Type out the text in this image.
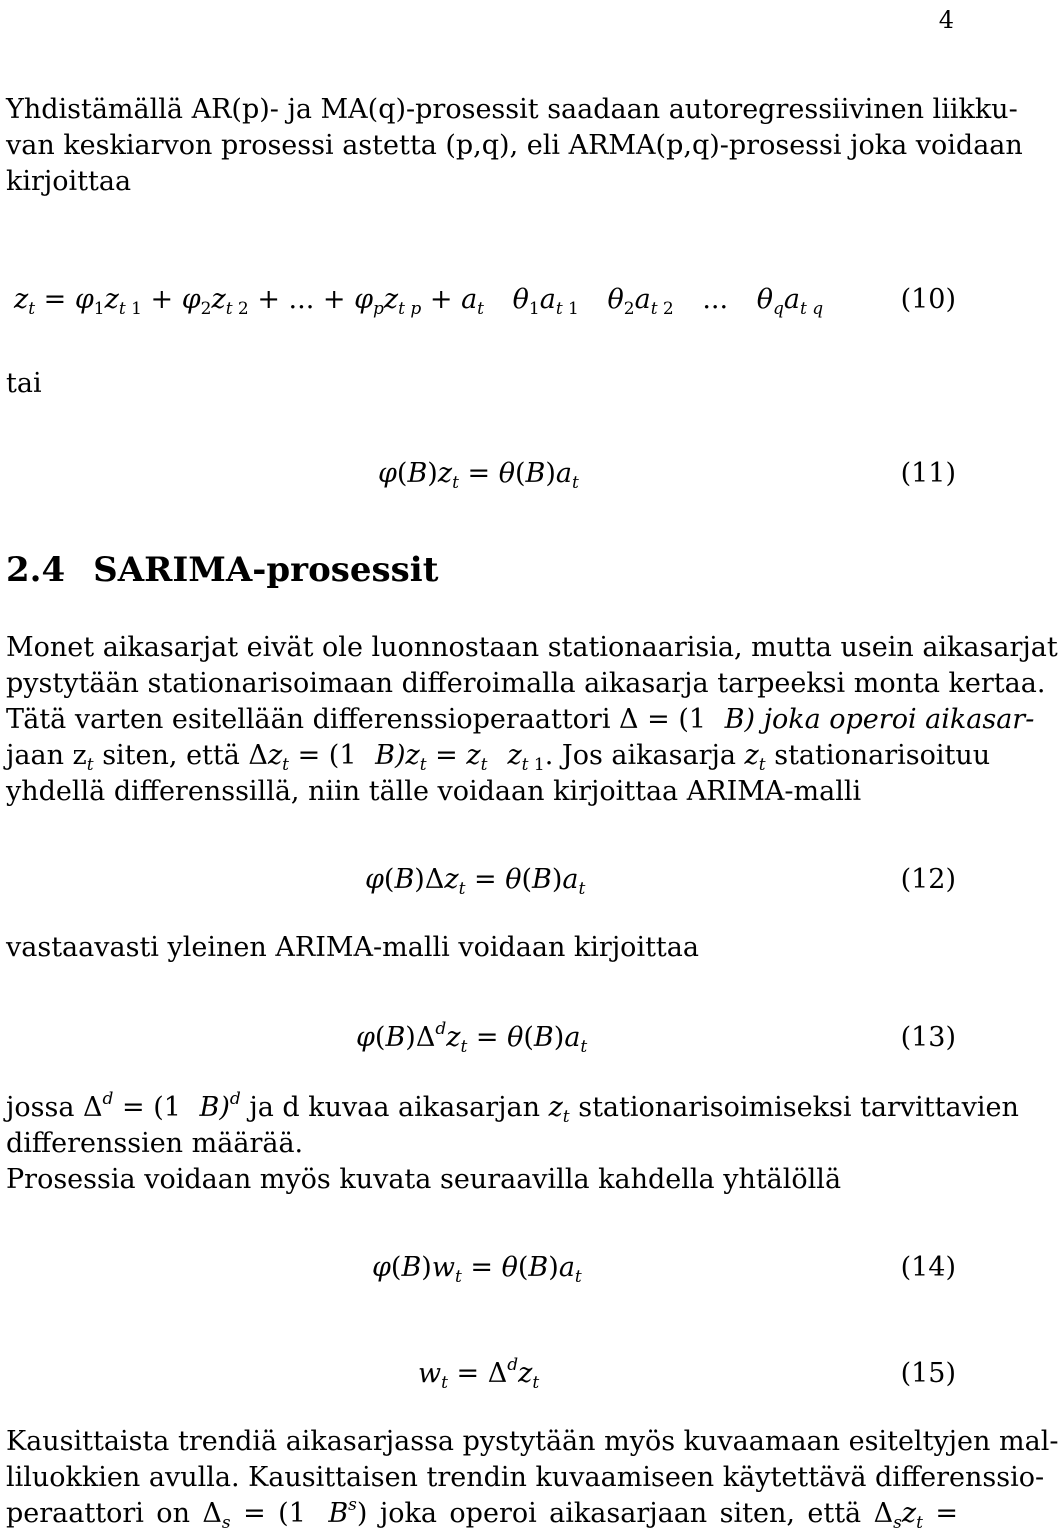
4
Yhdistämällä AR(p)- ja MA(q)-prosessit saadaan autoregressiivinen liikku-
van keskiarvon prosessi astetta (p,q), eli ARMA(p,q)-prosessi joka voidaan
kirjoittaa
$z_t = \varphi_1z_{t 1} + \varphi_2z_{t 2}$ + ... + $\varphi_pz_{t p} + a_t$ $\theta_1a_{t 1}$ $\theta_2a_{t 2}$ ... $\theta_qa_{t q}$	(10)
tai
$\varphi(B)z_t = \theta(B)a_t$	(11)
2.4 SARIMA-prosessit
Monet aikasarjat eivät ole luonnostaan stationaarisia, mutta usein aikasarjat
pystytään stationarisoimaan differoimalla aikasarja tarpeeksi monta kertaa.
Tätä varten esitellään differenssioperaattori Δ = (1 B) joka operoi aikasar-
jaan $z_t$ siten, että $\Delta z_t = (1$ $B)z_t = z_t$ $z_{t 1}$. Jos aikasarja $z_t$ stationarisoituu
yhdellä differenssillä, niin tälle voidaan kirjoittaa ARIMA-malli
$\varphi(B)\Delta z_t = \theta(B)a_t$	(12)
vastaavasti yleinen ARIMA-malli voidaan kirjoittaa
$\varphi(B)\Delta^dz_t = \theta(B)a_t$	(13)
jossa $\Delta^d = (1$ B)$^d$ ja d kuvaa aikasarjan $z_t$ stationarisoimiseksi tarvittavien
differenssien määrää.
Prosessia voidaan myös kuvata seuraavilla kahdella yhtälöllä
$\varphi(B)w_t = \theta(B)a_t$	(14)
$w_t = \Delta^dz_t$	(15)
Kausittaista trendiä aikasarjassa pystytään myös kuvaamaan esiteltyjen mal-
liluokkien avulla. Kausittaisen trendin kuvaamiseen käytettävä differenssio-
peraattori on $\Delta_s = (1$ $B^s$) joka operoi aikasarjaan siten, että $\Delta_sz_t$ =
